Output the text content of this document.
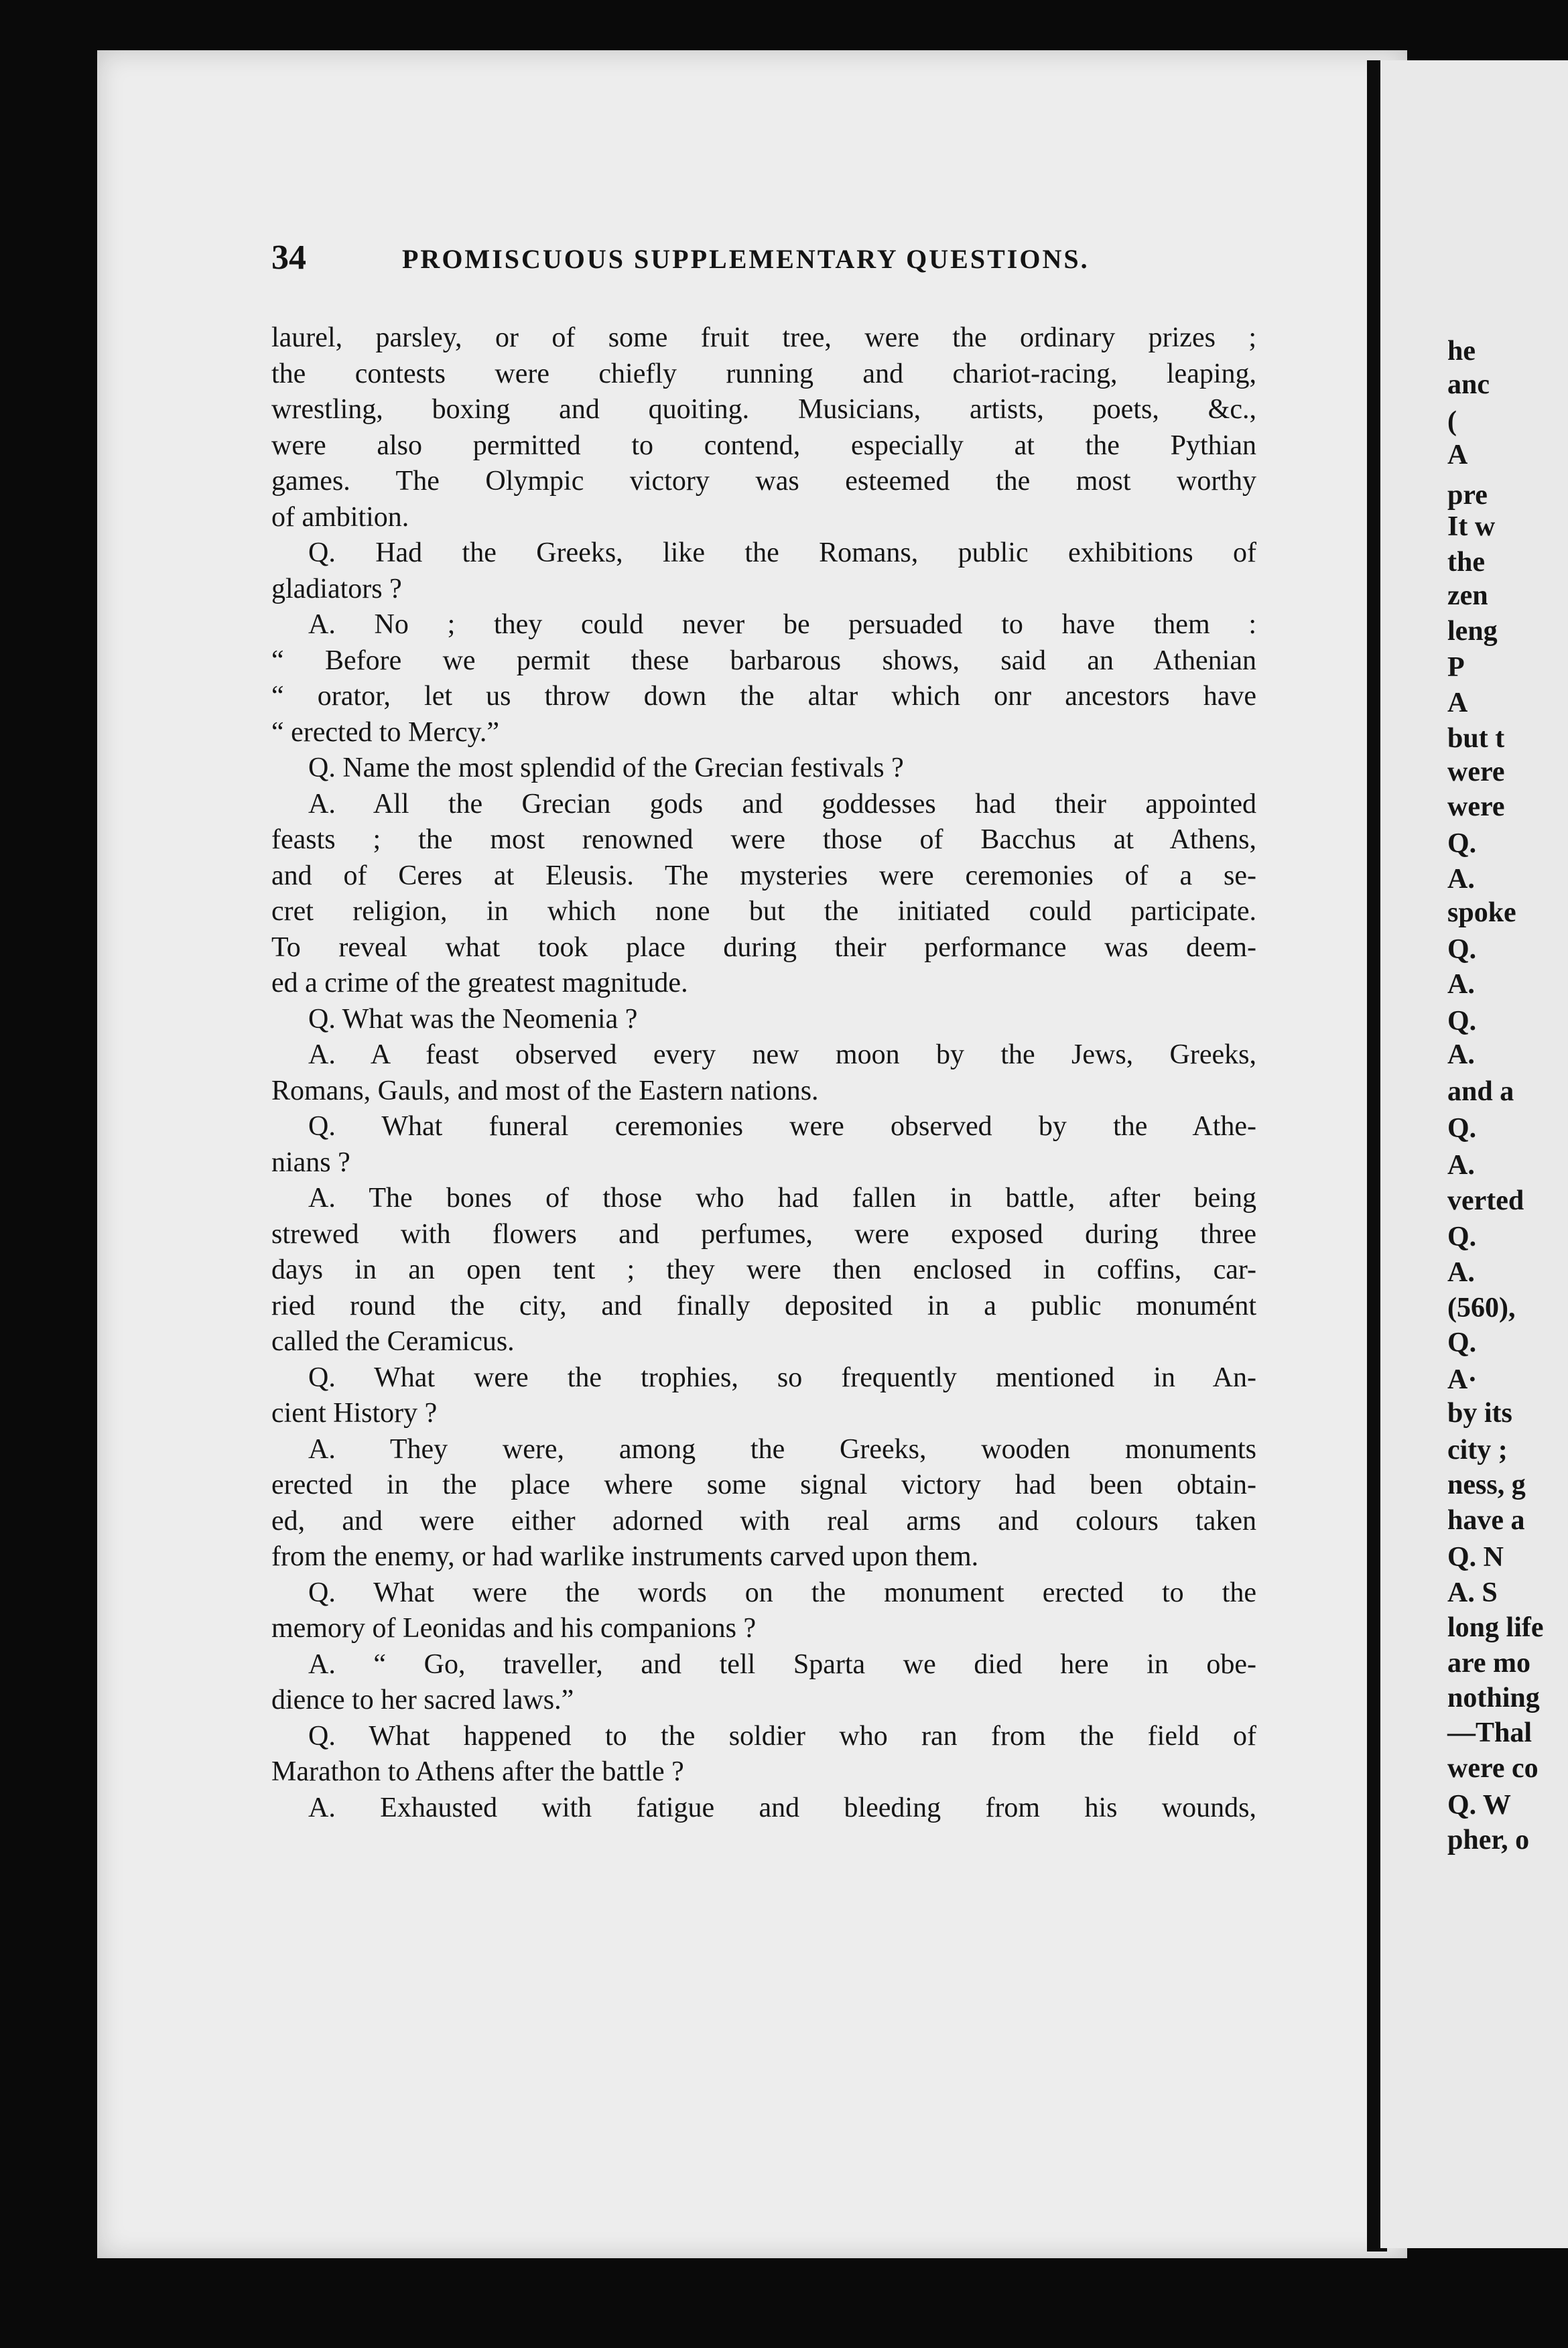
34	PROMISCUOUS SUPPLEMENTARY QUESTIONS.
laurel, parsley, or of some fruit tree, were the ordinary prizes ;
the contests were chiefly running and chariot-racing, leaping,
wrestling, boxing and quoiting. Musicians, artists, poets, &c.,
were also permitted to contend, especially at the Pythian
games. The Olympic victory was esteemed the most worthy
of ambition.
Q. Had the Greeks, like the Romans, public exhibitions of
gladiators ?
A. No ; they could never be persuaded to have them :
“ Before we permit these barbarous shows, said an Athenian
“ orator, let us throw down the altar which onr ancestors have
“ erected to Mercy.”
Q. Name the most splendid of the Grecian festivals ?
A. All the Grecian gods and goddesses had their appointed
feasts ; the most renowned were those of Bacchus at Athens,
and of Ceres at Eleusis. The mysteries were ceremonies of a se-
cret religion, in which none but the initiated could participate.
To reveal what took place during their performance was deem-
ed a crime of the greatest magnitude.
Q. What was the Neomenia ?
A. A feast observed every new moon by the Jews, Greeks,
Romans, Gauls, and most of the Eastern nations.
Q. What funeral ceremonies were observed by the Athe-
nians ?
A. The bones of those who had fallen in battle, after being
strewed with flowers and perfumes, were exposed during three
days in an open tent ; they were then enclosed in coffins, car-
ried round the city, and finally deposited in a public monumént
called the Ceramicus.
Q. What were the trophies, so frequently mentioned in An-
cient History ?
A. They were, among the Greeks, wooden monuments
erected in the place where some signal victory had been obtain-
ed, and were either adorned with real arms and colours taken
from the enemy, or had warlike instruments carved upon them.
Q. What were the words on the monument erected to the
memory of Leonidas and his companions ?
A. “ Go, traveller, and tell Sparta we died here in obe-
dience to her sacred laws.”
Q. What happened to the soldier who ran from the field of
Marathon to Athens after the battle ?
A. Exhausted with fatigue and bleeding from his wounds,
he
anc
(
A
pre
It w
the
zen
leng
P
A
but t
were
were
Q.
A.
spoke
Q.
A.
Q.
A.
and a
Q.
A.
verted
Q.
A.
(560),
Q.
A·
by its
city ;
ness, g
have a
Q. N
A. S
long life
are mo
nothing
—Thal
were co
Q. W
pher, o
